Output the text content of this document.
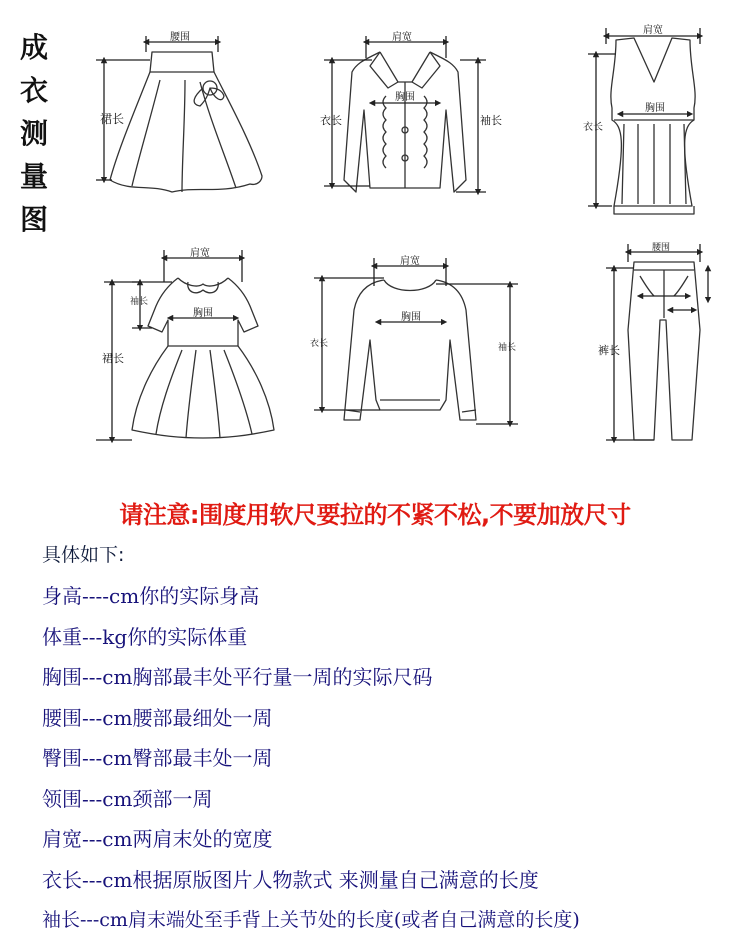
腰围
裙长
肩宽
胸围
衣长	袖长
肩宽
胸围
衣长
肩宽
胸围
袖长
裙长
肩宽
胸围
衣长	袖长
腰围
裤长
成
衣
测
量
图
请注意:围度用软尺要拉的不紧不松,不要加放尺寸
具体如下:
身高----cm你的实际身高
体重---kg你的实际体重
胸围---cm胸部最丰处平行量一周的实际尺码
腰围---cm腰部最细处一周
臀围---cm臀部最丰处一周
领围---cm颈部一周
肩宽---cm两肩末处的宽度
衣长---cm根据原版图片人物款式 来测量自己满意的长度
袖长---cm肩末端处至手背上关节处的长度(或者自己满意的长度)
